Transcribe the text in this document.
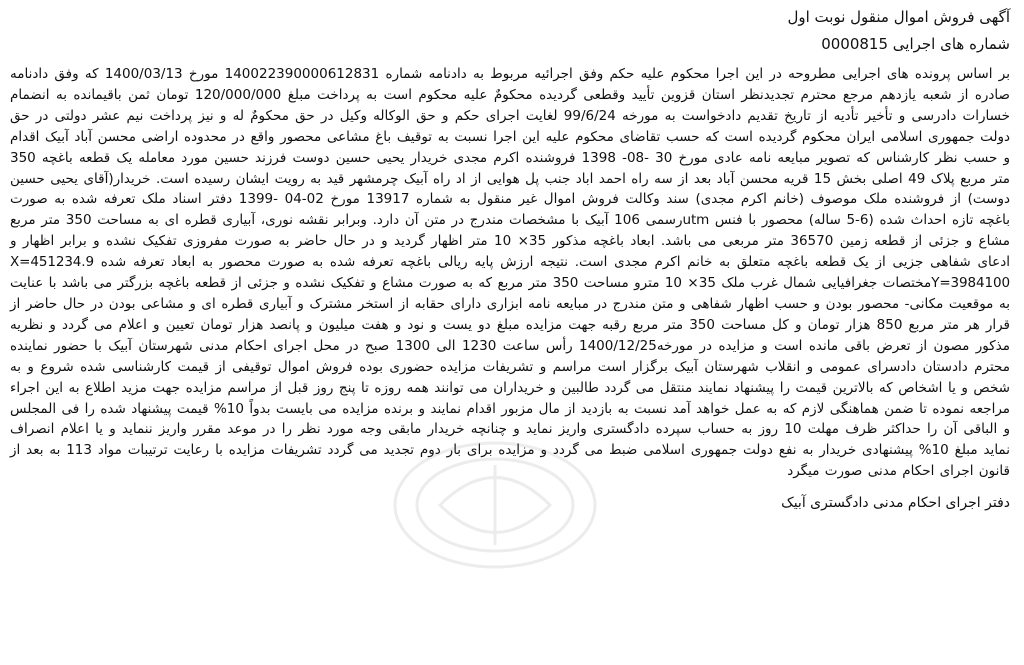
آگهی فروش اموال منقول نوبت اول
شماره های اجرایی 0000815

بر اساس پرونده های اجرایی مطروحه در این اجرا محکوم علیه حکم وفق اجرائیه مربوط به دادنامه شماره 140022390000612831 مورخ 1400/03/13 که وفق دادنامه صادره از شعبه یازدهم مرجع محترم تجدیدنظر استان قزوین تأیید وقطعی گردیده محکومٌ علیه محکوم است به پرداخت مبلغ 120/000/000 تومان ثمن باقیمانده به انضمام خسارات دادرسی و تأخیر تأدیه از تاریخ تقدیم دادخواست به مورخه 99/6/24 لغایت اجرای حکم و حق الوکاله وکیل در حق محکومٌ له و نیز پرداخت نیم عشر دولتی در حق دولت جمهوری اسلامی ایران محکوم گردیده است که حسب تقاضای محکوم علیه این اجرا نسبت به توقیف باغ مشاعی محصور واقع در محدوده اراضی محسن آباد آبیک اقدام و حسب نظر کارشناس که تصویر مبایعه نامه عادی مورخ 30 -08- 1398 فروشنده اکرم مجدی خریدار یحیی حسین دوست فرزند حسین مورد معامله یک قطعه باغچه 350 متر مربع پلاک 49 اصلی بخش 15 قریه محسن آباد بعد از سه راه احمد اباد جنب پل هوایی از اد راه آبیک چرمشهر قید به رویت ایشان رسیده است. خریدار(آقای یحیی حسین دوست) از فروشنده ملک موصوف (خانم اکرم مجدی) سند وکالت فروش اموال غیر منقول به شماره 13917 مورخ 02-04 -1399 دفتر اسناد ملک تعرفه شده به صورت باغچه تازه احداث شده (6-5 ساله) محصور با فنس utmرسمی 106 آبیک با مشخصات مندرج در متن آن دارد. وبرابر نقشه نوری، آبیاری قطره ای به مساحت 350 متر مربع مشاع و جزئی از قطعه زمین 36570 متر مربعی می باشد. ابعاد باغچه مذکور 35× 10 متر اظهار گردید و در حال حاضر به صورت مفروزی تفکیک نشده و برابر اظهار و ادعای شفاهی جزیی از یک قطعه باغچه متعلق به خانم اکرم مجدی است. نتیجه ارزش پایه ریالی باغچه تعرفه شده به صورت محصور به ابعاد تعرفه شده X=451234.9 Y=3984100مختصات جغرافیایی شمال غرب ملک 35× 10 مترو مساحت 350 متر مربع که به صورت مشاع و تفکیک نشده و جزئی از قطعه باغچه بزرگتر می باشد با عنایت به موقعیت مکانی- محصور بودن و حسب اظهار شفاهی و متن مندرج در مبایعه نامه ابزاری دارای حقابه از استخر مشترک و آبیاری قطره ای و مشاعی بودن در حال حاضر از قرار هر متر مربع 850 هزار تومان و کل مساحت 350 متر مربع رقبه جهت مزایده مبلغ دو یست و نود و هفت میلیون و پانصد هزار تومان تعیین و اعلام می گردد و نظریه مذکور مصون از تعرض باقی مانده است و مزایده در مورخه1400/12/25 رأس ساعت 1230 الی 1300 صبح در محل اجرای احکام مدنی شهرستان آبیک با حضور نماینده محترم دادستان دادسرای عمومی و انقلاب شهرستان آبیک برگزار است مراسم و تشریفات مزایده حضوری بوده فروش اموال توقیفی از قیمت کارشناسی شده شروع و به شخص و یا اشخاص که بالاترین قیمت را پیشنهاد نمایند منتقل می گردد طالبین و خریداران می توانند همه روزه تا پنج روز قبل از مراسم مزایده جهت مزید اطلاع به این اجراء مراجعه نموده تا ضمن هماهنگی لازم که به عمل خواهد آمد نسبت به بازدید از مال مزبور اقدام نمایند و برنده مزایده می بایست بدواً 10% قیمت پیشنهاد شده را فی المجلس و الباقی آن را حداکثر ظرف مهلت 10 روز به حساب سپرده دادگستری واریز نماید و چنانچه خریدار مابقی وجه مورد نظر را در موعد مقرر واریز ننماید و یا اعلام انصراف نماید مبلغ 10% پیشنهادی خریدار به نفع دولت جمهوری اسلامی ضبط می گردد و مزایده برای بار دوم تجدید می گردد تشریفات مزایده با رعایت ترتیبات مواد 113 به بعد از قانون اجرای احکام مدنی صورت میگرد

دفتر اجرای احکام مدنی دادگستری آبیک
